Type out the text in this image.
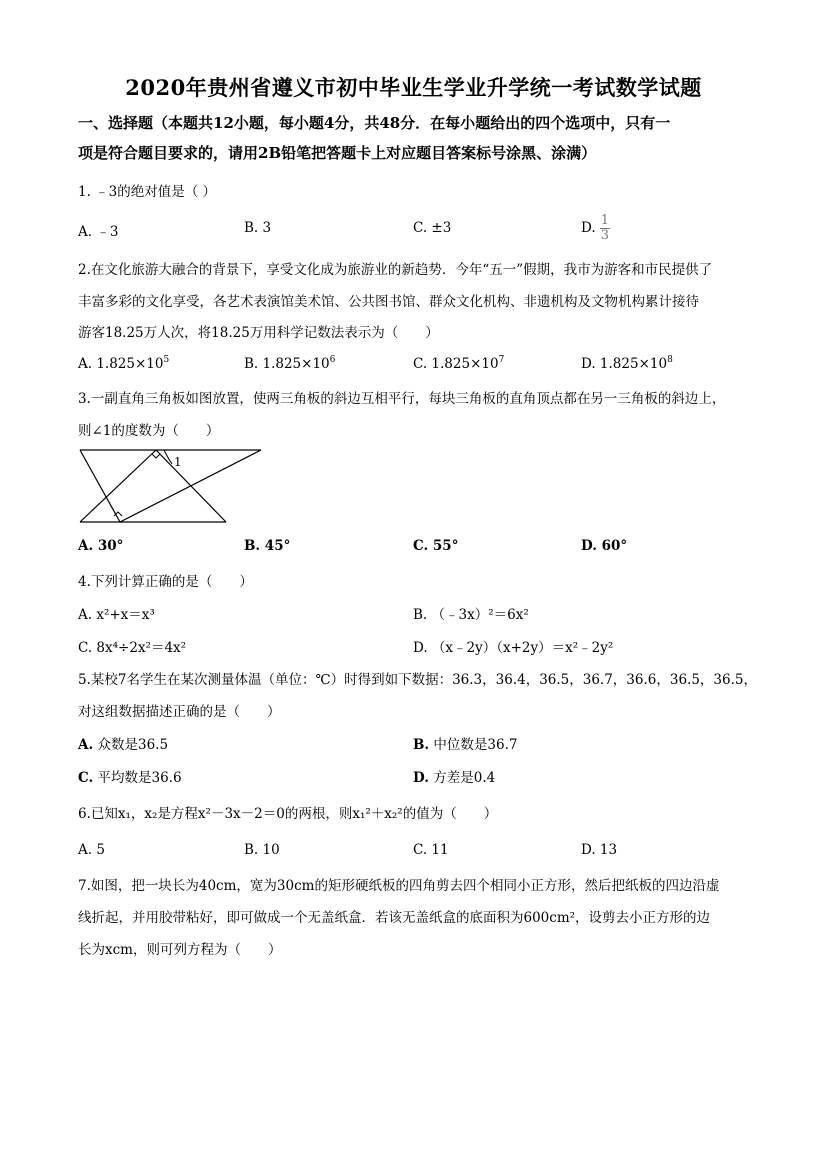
2020年贵州省遵义市初中毕业生学业升学统一考试数学试题
一、选择题（本题共12小题，每小题4分，共48分．在每小题给出的四个选项中，只有一
项是符合题目要求的，请用2B铅笔把答题卡上对应题目答案标号涂黑、涂满）
1. ﹣3的绝对值是（ ）
A. ﹣3	B. 3	C. ±3	D. $\frac{1}{3}$
2.在文化旅游大融合的背景下，享受文化成为旅游业的新趋势．今年“五一”假期，我市为游客和市民提供了
丰富多彩的文化享受，各艺术表演馆美术馆、公共图书馆、群众文化机构、非遗机构及文物机构累计接待
游客18.25万人次，将18.25万用科学记数法表示为（　　）
A. $1.825\times 10^5$	B. $1.825\times 10^6$	C. $1.825\times 10^7$	D. $1.825\times 10^8$
3.一副直角三角板如图放置，使两三角板的斜边互相平行，每块三角板的直角顶点都在另一三角板的斜边上，
则∠1的度数为（　　）
1
A. 30°	B. 45°	C. 55°	D. 60°
4.下列计算正确的是（　　）
A. x²+x＝x³	B. （﹣3x）²＝6x²
C. 8x⁴÷2x²＝4x²	D. （x﹣2y）（x+2y）＝x²﹣2y²
5.某校7名学生在某次测量体温（单位：℃）时得到如下数据：36.3，36.4，36.5，36.7，36.6，36.5，36.5，
对这组数据描述正确的是（　　）
A. 众数是36.5	B. 中位数是36.7
C. 平均数是36.6	D. 方差是0.4
6.已知x₁，x₂是方程x²－3x－2＝0的两根，则x₁²＋x₂²的值为（　　）
A. 5	B. 10	C. 11	D. 13
7.如图，把一块长为40cm，宽为30cm的矩形硬纸板的四角剪去四个相同小正方形，然后把纸板的四边沿虚
线折起，并用胶带粘好，即可做成一个无盖纸盒．若该无盖纸盒的底面积为600cm²，设剪去小正方形的边
长为xcm，则可列方程为（　　）
